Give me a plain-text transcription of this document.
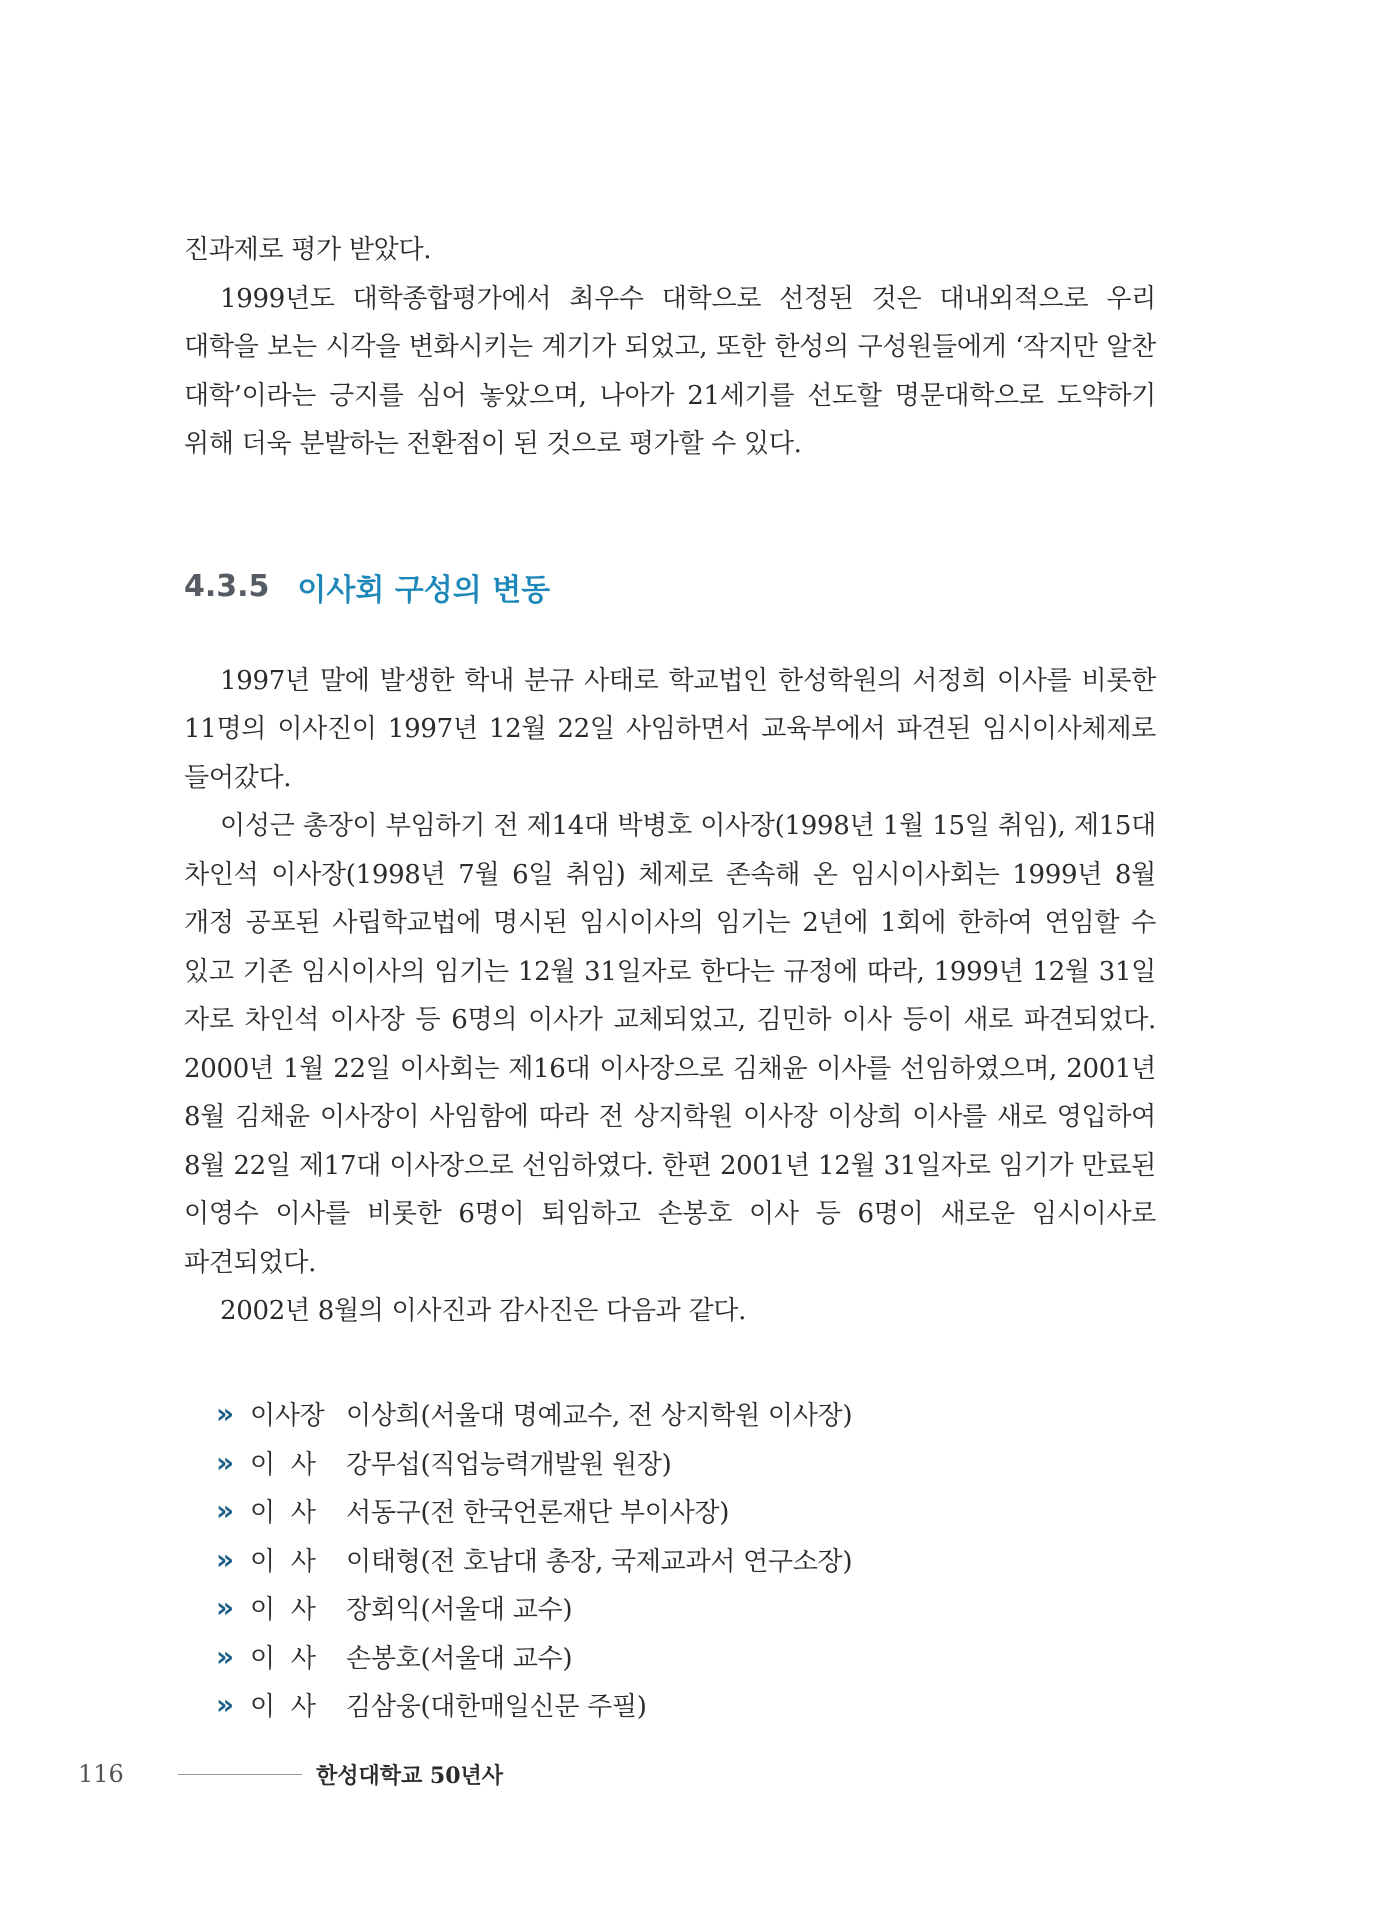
진과제로 평가 받았다.

1999년도 대학종합평가에서 최우수 대학으로 선정된 것은 대내외적으로 우리 대학을 보는 시각을 변화시키는 계기가 되었고, 또한 한성의 구성원들에게 ‘작지만 알찬 대학’이라는 긍지를 심어 놓았으며, 나아가 21세기를 선도할 명문대학으로 도약하기 위해 더욱 분발하는 전환점이 된 것으로 평가할 수 있다.

4.3.5 이사회 구성의 변동

1997년 말에 발생한 학내 분규 사태로 학교법인 한성학원의 서정희 이사를 비롯한 11명의 이사진이 1997년 12월 22일 사임하면서 교육부에서 파견된 임시이사체제로 들어갔다.

이성근 총장이 부임하기 전 제14대 박병호 이사장(1998년 1월 15일 취임), 제15대 차인석 이사장(1998년 7월 6일 취임) 체제로 존속해 온 임시이사회는 1999년 8월 개정 공포된 사립학교법에 명시된 임시이사의 임기는 2년에 1회에 한하여 연임할 수 있고 기존 임시이사의 임기는 12월 31일자로 한다는 규정에 따라, 1999년 12월 31일 자로 차인석 이사장 등 6명의 이사가 교체되었고, 김민하 이사 등이 새로 파견되었다. 2000년 1월 22일 이사회는 제16대 이사장으로 김채윤 이사를 선임하였으며, 2001년 8월 김채윤 이사장이 사임함에 따라 전 상지학원 이사장 이상희 이사를 새로 영입하여 8월 22일 제17대 이사장으로 선임하였다. 한편 2001년 12월 31일자로 임기가 만료된 이영수 이사를 비롯한 6명이 퇴임하고 손봉호 이사 등 6명이 새로운 임시이사로 파견되었다.

2002년 8월의 이사진과 감사진은 다음과 같다.

» 이사장 이상희(서울대 명예교수, 전 상지학원 이사장)
» 이  사	강무섭(직업능력개발원 원장)
» 이  사	서동구(전 한국언론재단 부이사장)
» 이  사	이태형(전 호남대 총장, 국제교과서 연구소장)
» 이  사	장회익(서울대 교수)
» 이  사	손봉호(서울대 교수)
» 이  사	김삼웅(대한매일신문 주필)
116	한성대학교 50년사
